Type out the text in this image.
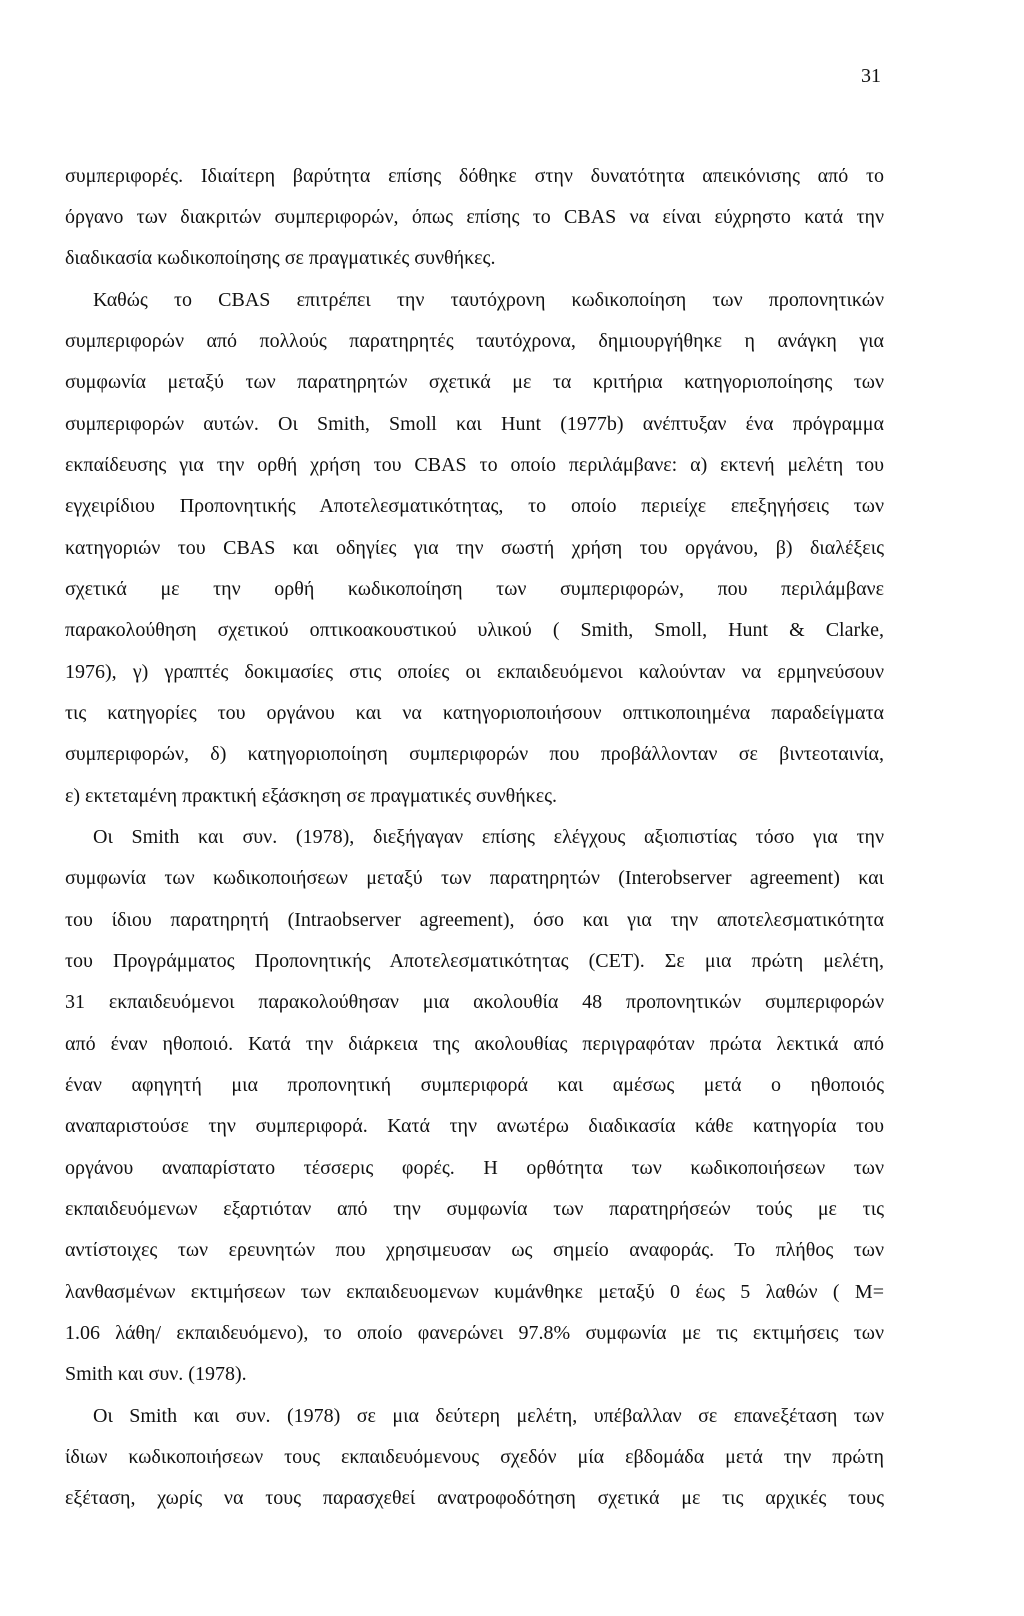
31
συμπεριφορές. Ιδιαίτερη βαρύτητα επίσης δόθηκε στην δυνατότητα απεικόνισης από το
όργανο των διακριτών συμπεριφορών, όπως επίσης το CBAS να είναι εύχρηστο κατά την
διαδικασία κωδικοποίησης σε πραγματικές συνθήκες.
Καθώς το CBAS επιτρέπει την ταυτόχρονη κωδικοποίηση των προπονητικών
συμπεριφορών από πολλούς παρατηρητές ταυτόχρονα, δημιουργήθηκε η ανάγκη για
συμφωνία μεταξύ των παρατηρητών σχετικά με τα κριτήρια κατηγοριοποίησης των
συμπεριφορών αυτών. Οι Smith, Smoll και Hunt (1977b) ανέπτυξαν ένα πρόγραμμα
εκπαίδευσης για την ορθή χρήση του CBAS το οποίο περιλάμβανε: α) εκτενή μελέτη του
εγχειρίδιου Προπονητικής Αποτελεσματικότητας, το οποίο περιείχε επεξηγήσεις των
κατηγοριών του CBAS και οδηγίες για την σωστή χρήση του οργάνου, β) διαλέξεις
σχετικά με την ορθή κωδικοποίηση των συμπεριφορών, που περιλάμβανε
παρακολούθηση σχετικού οπτικοακουστικού υλικού ( Smith, Smoll, Hunt & Clarke,
1976), γ) γραπτές δοκιμασίες στις οποίες οι εκπαιδευόμενοι καλούνταν να ερμηνεύσουν
τις κατηγορίες του οργάνου και να κατηγοριοποιήσουν οπτικοποιημένα παραδείγματα
συμπεριφορών, δ) κατηγοριοποίηση συμπεριφορών που προβάλλονταν σε βιντεοταινία,
ε) εκτεταμένη πρακτική εξάσκηση σε πραγματικές συνθήκες.
Οι Smith και συν. (1978), διεξήγαγαν επίσης ελέγχους αξιοπιστίας τόσο για την
συμφωνία των κωδικοποιήσεων μεταξύ των παρατηρητών (Interobserver agreement) και
του ίδιου παρατηρητή (Intraobserver agreement), όσο και για την αποτελεσματικότητα
του Προγράμματος Προπονητικής Αποτελεσματικότητας (CET). Σε μια πρώτη μελέτη,
31 εκπαιδευόμενοι παρακολούθησαν μια ακολουθία 48 προπονητικών συμπεριφορών
από έναν ηθοποιό. Κατά την διάρκεια της ακολουθίας περιγραφόταν πρώτα λεκτικά από
έναν αφηγητή μια προπονητική συμπεριφορά και αμέσως μετά ο ηθοποιός
αναπαριστούσε την συμπεριφορά. Κατά την ανωτέρω διαδικασία κάθε κατηγορία του
οργάνου αναπαρίστατο τέσσερις φορές. Η ορθότητα των κωδικοποιήσεων των
εκπαιδευόμενων εξαρτιόταν από την συμφωνία των παρατηρήσεών τούς με τις
αντίστοιχες των ερευνητών που χρησιμευσαν ως σημείο αναφοράς. Το πλήθος των
λανθασμένων εκτιμήσεων των εκπαιδευομενων κυμάνθηκε μεταξύ 0 έως 5 λαθών ( M=
1.06 λάθη/ εκπαιδευόμενο), το οποίο φανερώνει 97.8% συμφωνία με τις εκτιμήσεις των
Smith και συν. (1978).
Οι Smith και συν. (1978) σε μια δεύτερη μελέτη, υπέβαλλαν σε επανεξέταση των
ίδιων κωδικοποιήσεων τους εκπαιδευόμενους σχεδόν μία εβδομάδα μετά την πρώτη
εξέταση, χωρίς να τους παρασχεθεί ανατροφοδότηση σχετικά με τις αρχικές τους
